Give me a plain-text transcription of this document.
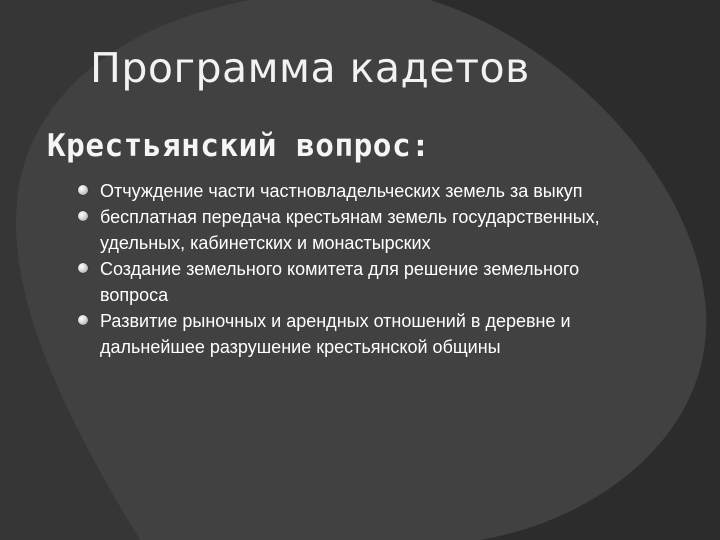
Программа кадетов
Крестьянский вопрос:
Отчуждение части частновладельческих земель за выкуп
бесплатная передача крестьянам земель государственных, удельных, кабинетских и монастырских
Создание земельного комитета для решение земельного вопроса
Развитие рыночных и арендных отношений в деревне и дальнейшее разрушение крестьянской общины
